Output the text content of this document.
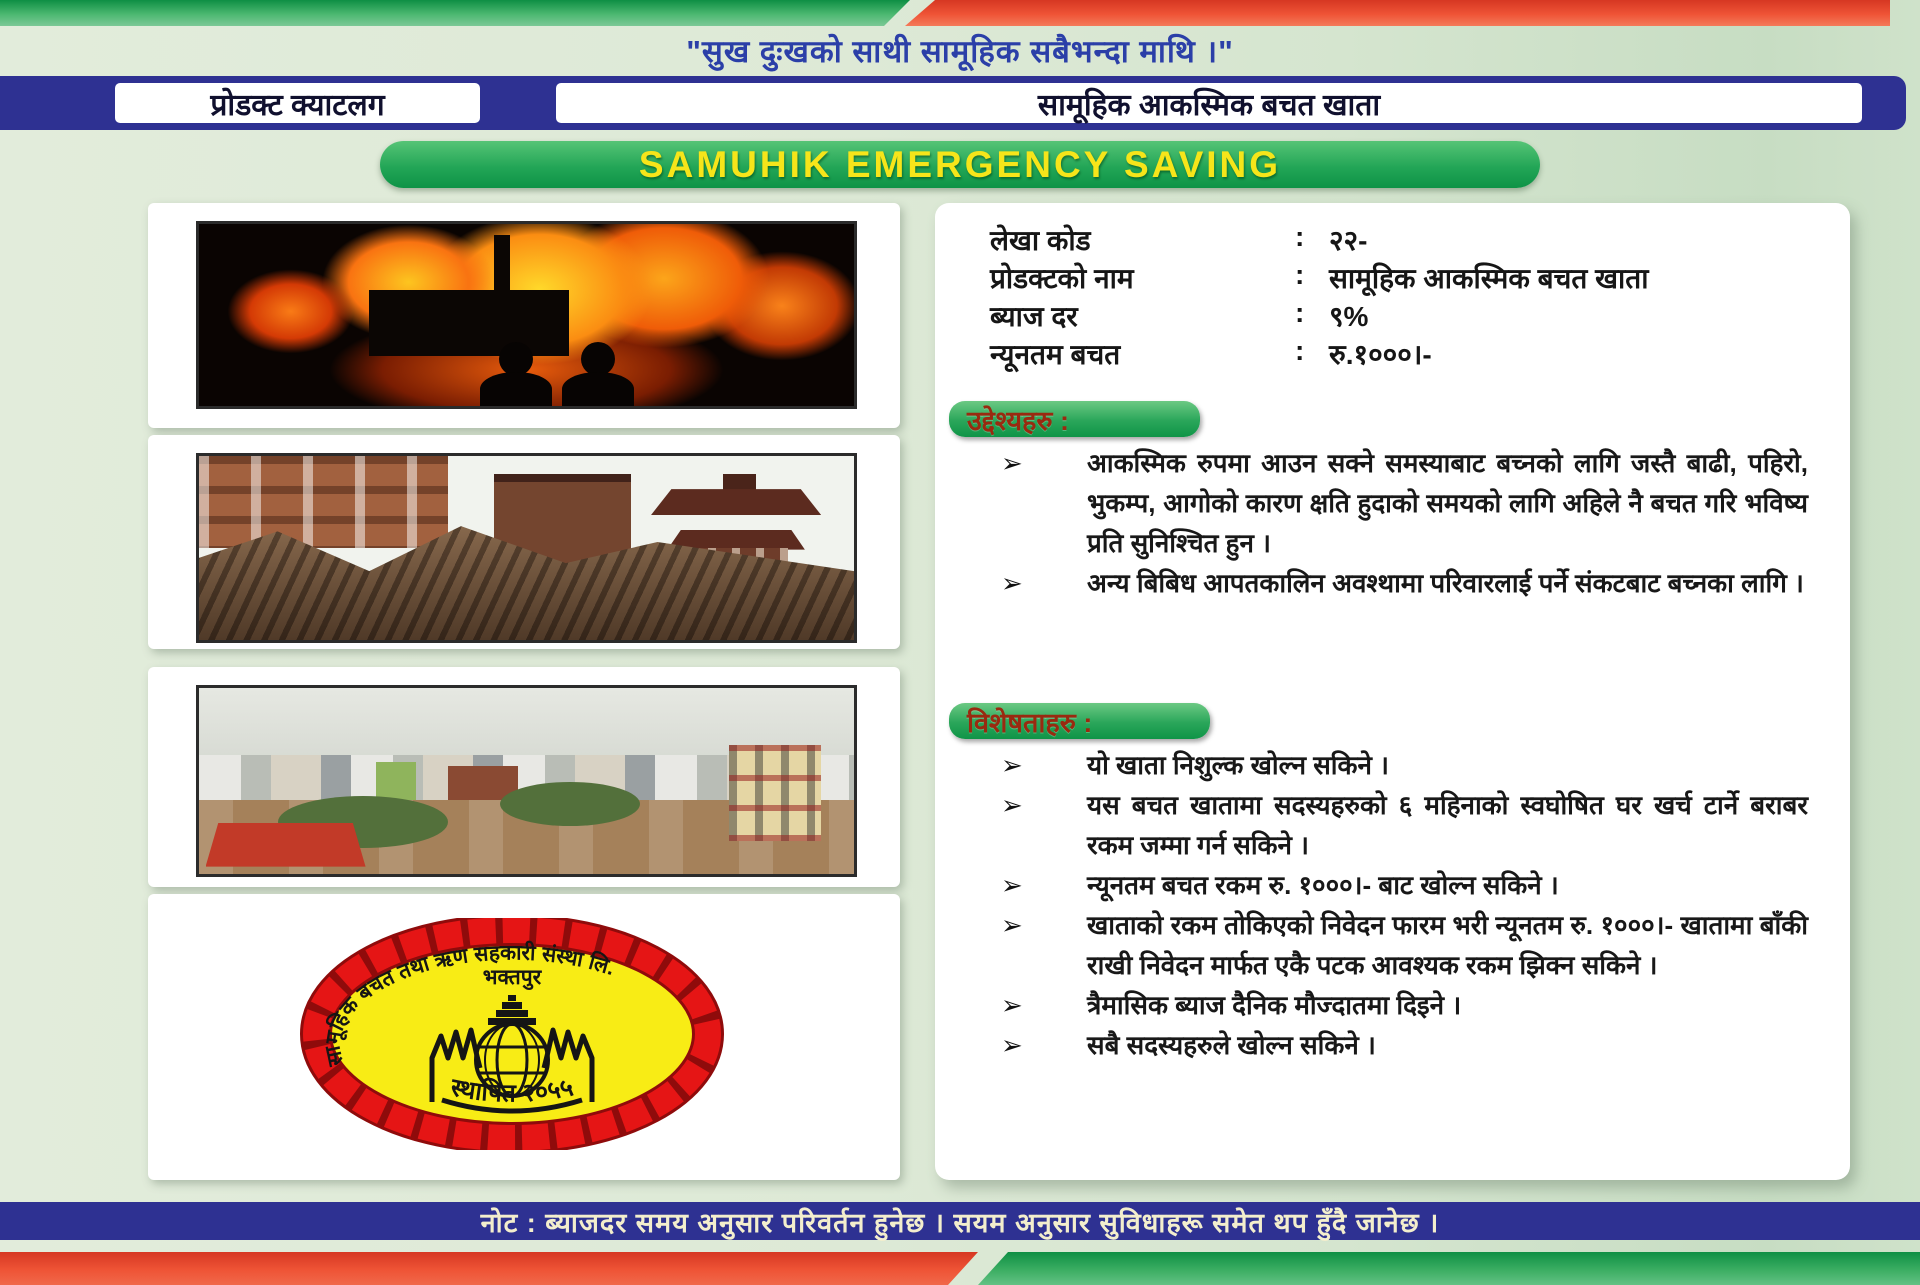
"सुख दुःखको साथी सामूहिक सबैभन्दा माथि ।"
प्रोडक्ट क्याटलग	सामूहिक आकस्मिक बचत खाता
SAMUHIK EMERGENCY SAVING
सामूहिक बचत तथा ऋण सहकारी संस्था लि.
भक्तपुर
स्थापित २०५५
लेखा कोड	: २२-
प्रोडक्टको नाम	: सामूहिक आकस्मिक बचत खाता
ब्याज दर	: ९%
न्यूनतम बचत	: रु.१०००।-
उद्देश्यहरु :
➢ आकस्मिक रुपमा आउन सक्ने समस्याबाट बच्नको लागि जस्तै बाढी, पहिरो, भुकम्प, आगोको कारण क्षति हुदाको समयको लागि अहिले नै बचत गरि भविष्य प्रति सुनिश्चित हुन ।
➢ अन्य बिबिध आपतकालिन अवश्थामा परिवारलाई पर्ने संकटबाट बच्नका लागि ।
विशेषताहरु :
➢ यो खाता निशुल्क खोल्न सकिने ।
➢ यस बचत खातामा सदस्यहरुको ६ महिनाको स्वघोषित घर खर्च टार्ने बराबर रकम जम्मा गर्न सकिने ।
➢ न्यूनतम बचत रकम रु. १०००।- बाट खोल्न सकिने ।
➢ खाताको रकम तोकिएको निवेदन फारम भरी न्यूनतम रु. १०००।- खातामा बाँकी राखी निवेदन मार्फत एकै पटक आवश्यक रकम झिक्न सकिने ।
➢ त्रैमासिक ब्याज दैनिक मौज्दातमा दिइने ।
➢ सबै सदस्यहरुले खोल्न सकिने ।
नोट : ब्याजदर समय अनुसार परिवर्तन हुनेछ । सयम अनुसार सुविधाहरू समेत थप हुँदै जानेछ ।
